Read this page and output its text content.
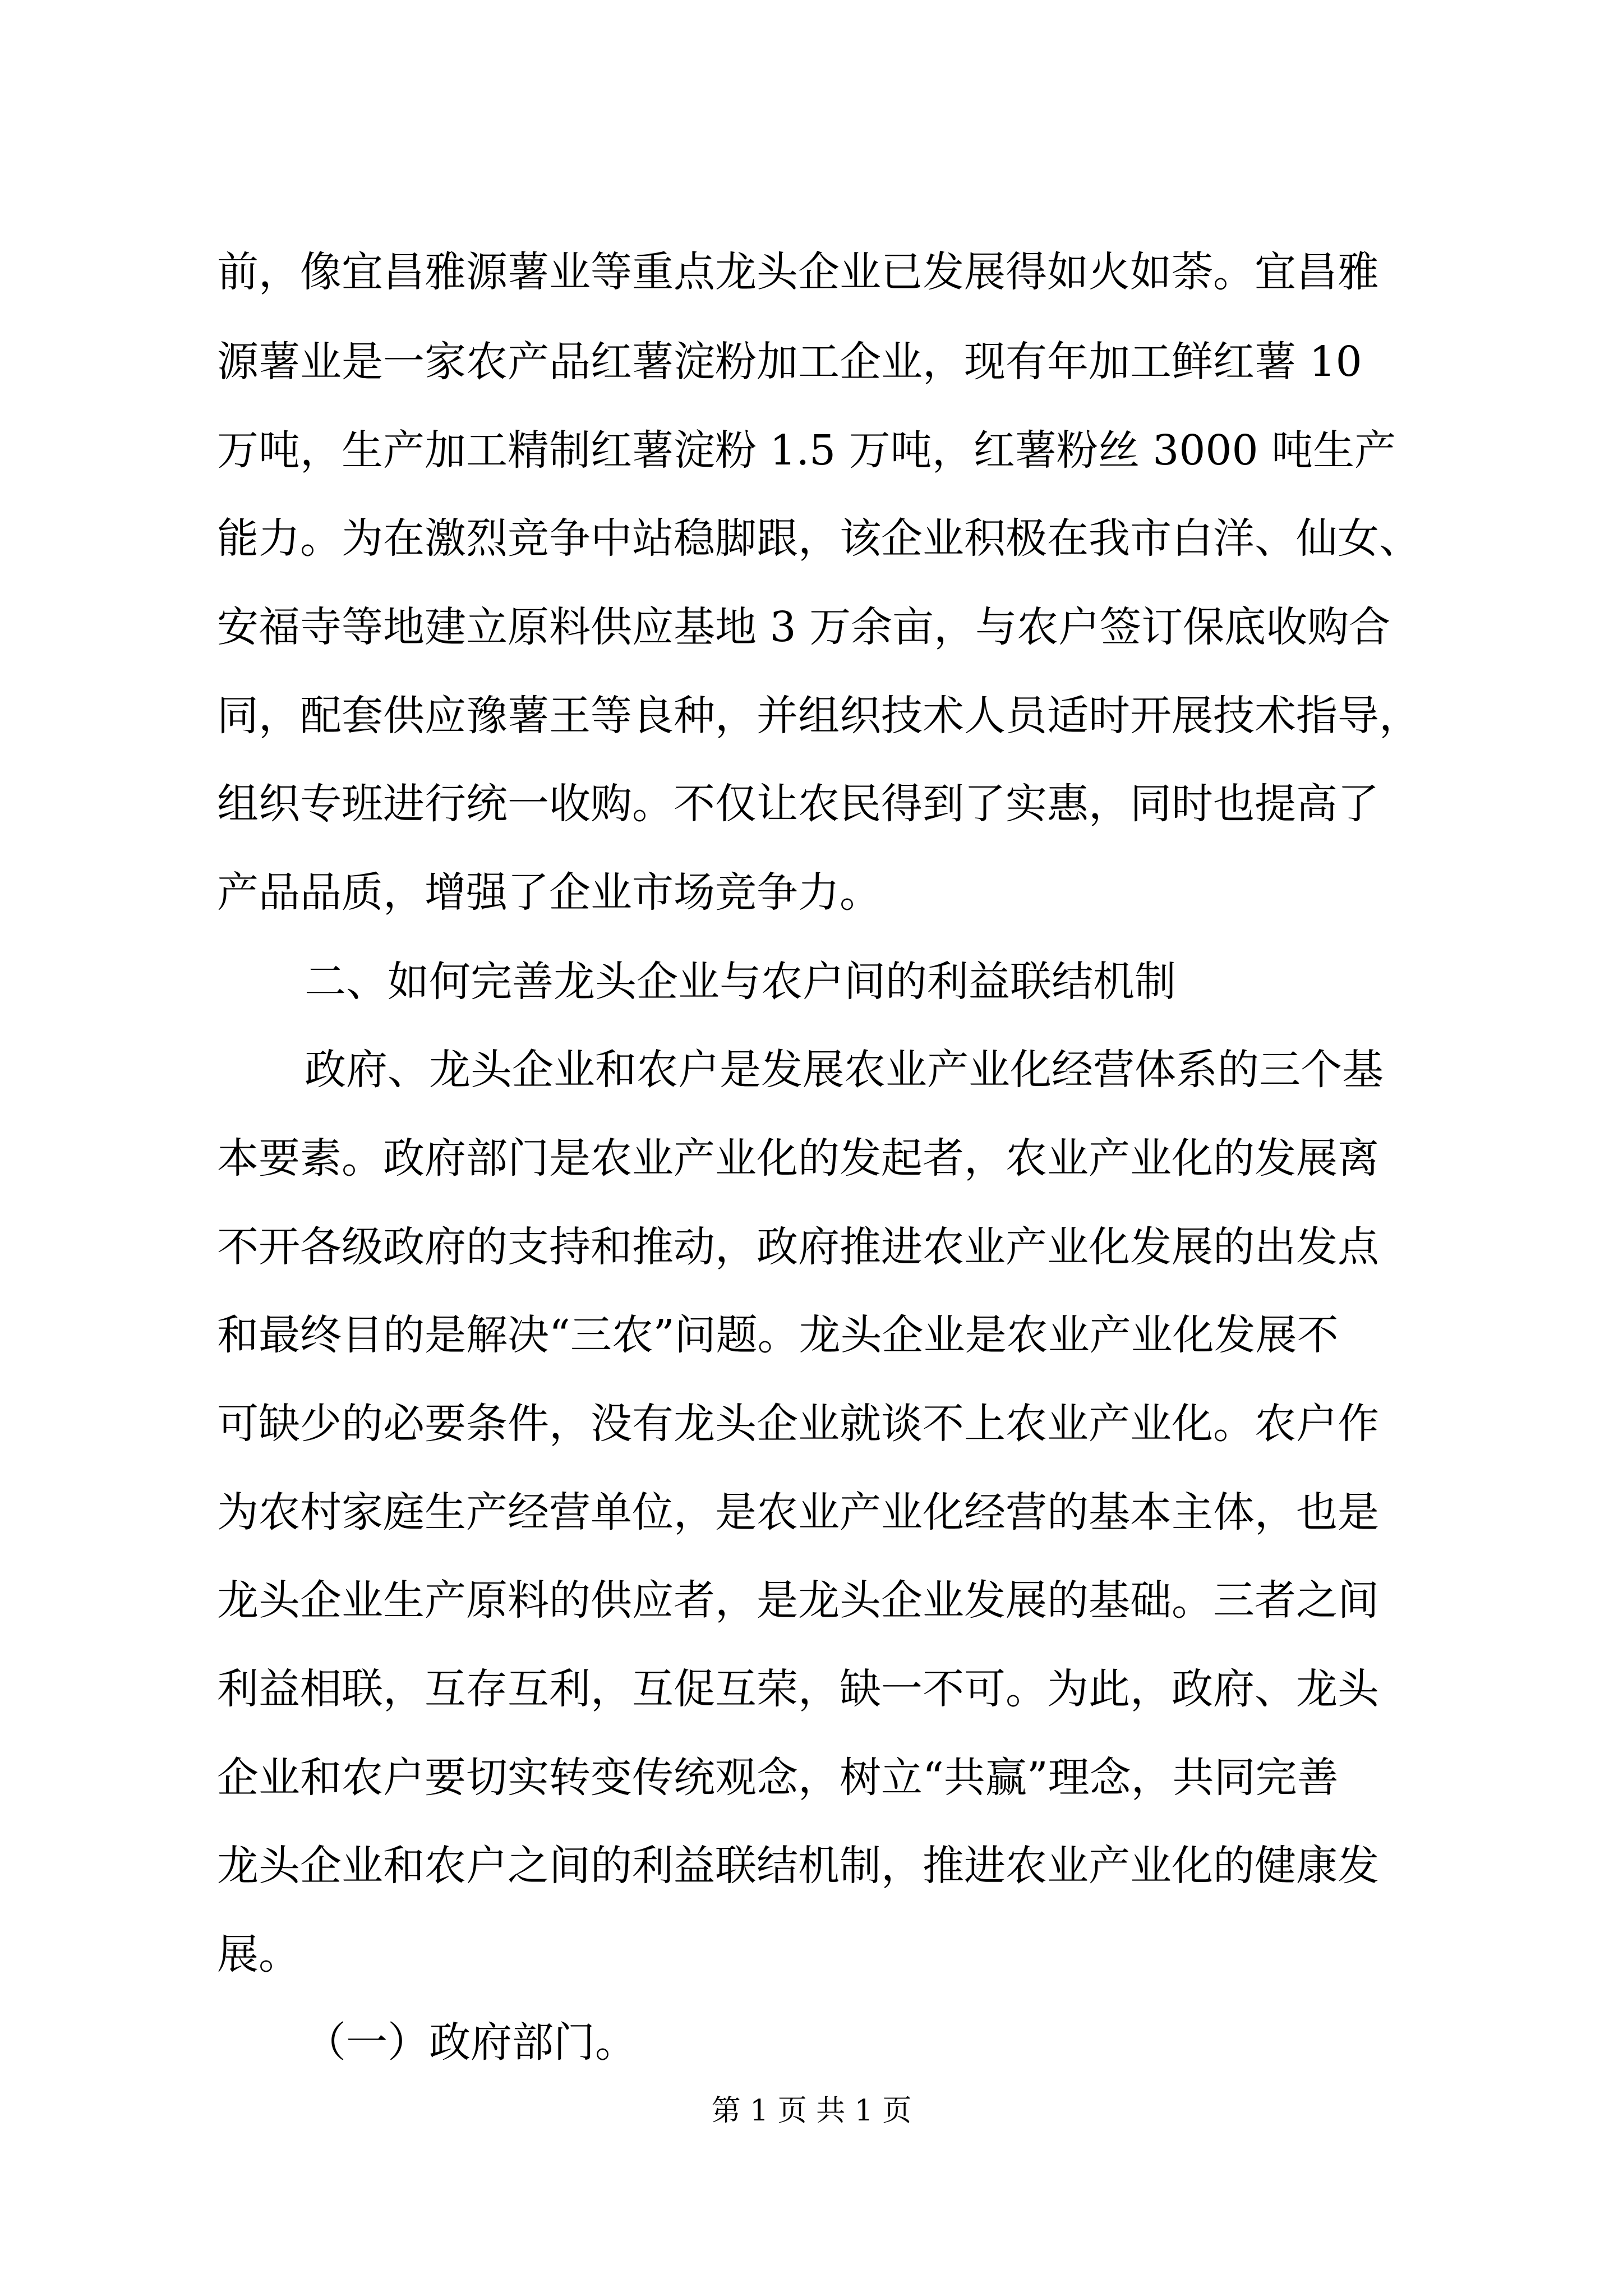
前，像宜昌雅源薯业等重点龙头企业已发展得如火如荼。宜昌雅

源薯业是一家农产品红薯淀粉加工企业，现有年加工鲜红薯 10

万吨，生产加工精制红薯淀粉 1.5 万吨，红薯粉丝 3000 吨生产

能力。为在激烈竞争中站稳脚跟，该企业积极在我市白洋、仙女、

安福寺等地建立原料供应基地 3 万余亩，与农户签订保底收购合

同，配套供应豫薯王等良种，并组织技术人员适时开展技术指导，

组织专班进行统一收购。不仅让农民得到了实惠，同时也提高了

产品品质，增强了企业市场竞争力。

二、如何完善龙头企业与农户间的利益联结机制

政府、龙头企业和农户是发展农业产业化经营体系的三个基

本要素。政府部门是农业产业化的发起者，农业产业化的发展离

不开各级政府的支持和推动，政府推进农业产业化发展的出发点

和最终目的是解决“三农”问题。龙头企业是农业产业化发展不

可缺少的必要条件，没有龙头企业就谈不上农业产业化。农户作

为农村家庭生产经营单位，是农业产业化经营的基本主体，也是

龙头企业生产原料的供应者，是龙头企业发展的基础。三者之间

利益相联，互存互利，互促互荣，缺一不可。为此，政府、龙头

企业和农户要切实转变传统观念，树立“共赢”理念，共同完善

龙头企业和农户之间的利益联结机制，推进农业产业化的健康发

展。

（一）政府部门。

第 1 页 共 1 页
